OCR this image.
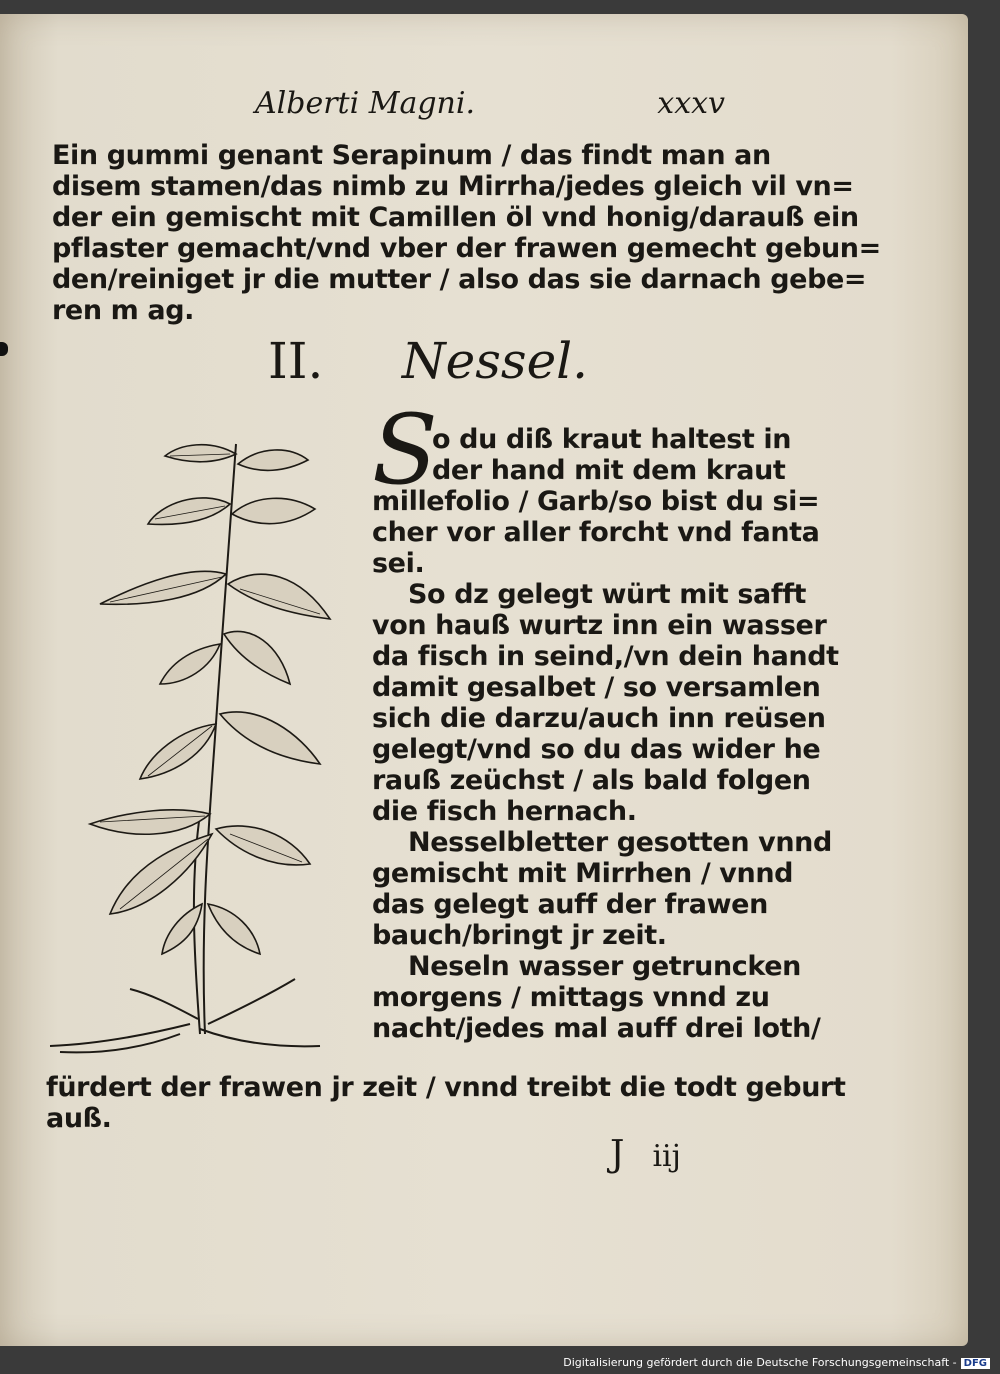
Alberti Magni.	xxxv
Ein gummi genant Serapinum / das findt man an
disem stamen/das nimb zu Mirrha/jedes gleich vil vn=
der ein gemischt mit Camillen öl vnd honig/darauß ein
pflaster gemacht/vnd vber der frawen gemecht gebun=
den/reiniget jr die mutter / also das sie darnach gebe=
ren m ag.
II. Nessel.
S
o du diß kraut haltest in
der hand mit dem kraut
millefolio / Garb/so bist du si=
cher vor aller forcht vnd fanta
sei.
So dz gelegt würt mit safft
von hauß wurtz inn ein wasser
da fisch in seind,/vn dein handt
damit gesalbet / so versamlen
sich die darzu/auch inn reüsen
gelegt/vnd so du das wider he
rauß zeüchst / als bald folgen
die fisch hernach.
Nesselbletter gesotten vnnd
gemischt mit Mirrhen / vnnd
das gelegt auff der frawen
bauch/bringt jr zeit.
Neseln wasser getruncken
morgens / mittags vnnd zu
nacht/jedes mal auff drei loth/
fürdert der frawen jr zeit / vnnd treibt die todt geburt
auß.
J iij
Digitalisierung gefördert durch die Deutsche Forschungsgemeinschaft - DFG
